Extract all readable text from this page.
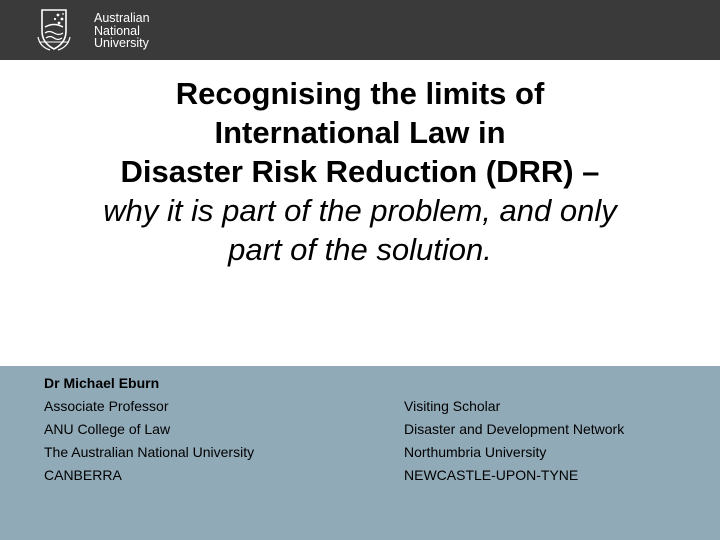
Australian
National
University
Recognising the limits of
International Law in
Disaster Risk Reduction (DRR) –
why it is part of the problem, and only
part of the solution.
Dr Michael Eburn
Associate Professor
ANU College of Law
The Australian National University
CANBERRA
Visiting Scholar
Disaster and Development Network
Northumbria University
NEWCASTLE-UPON-TYNE
